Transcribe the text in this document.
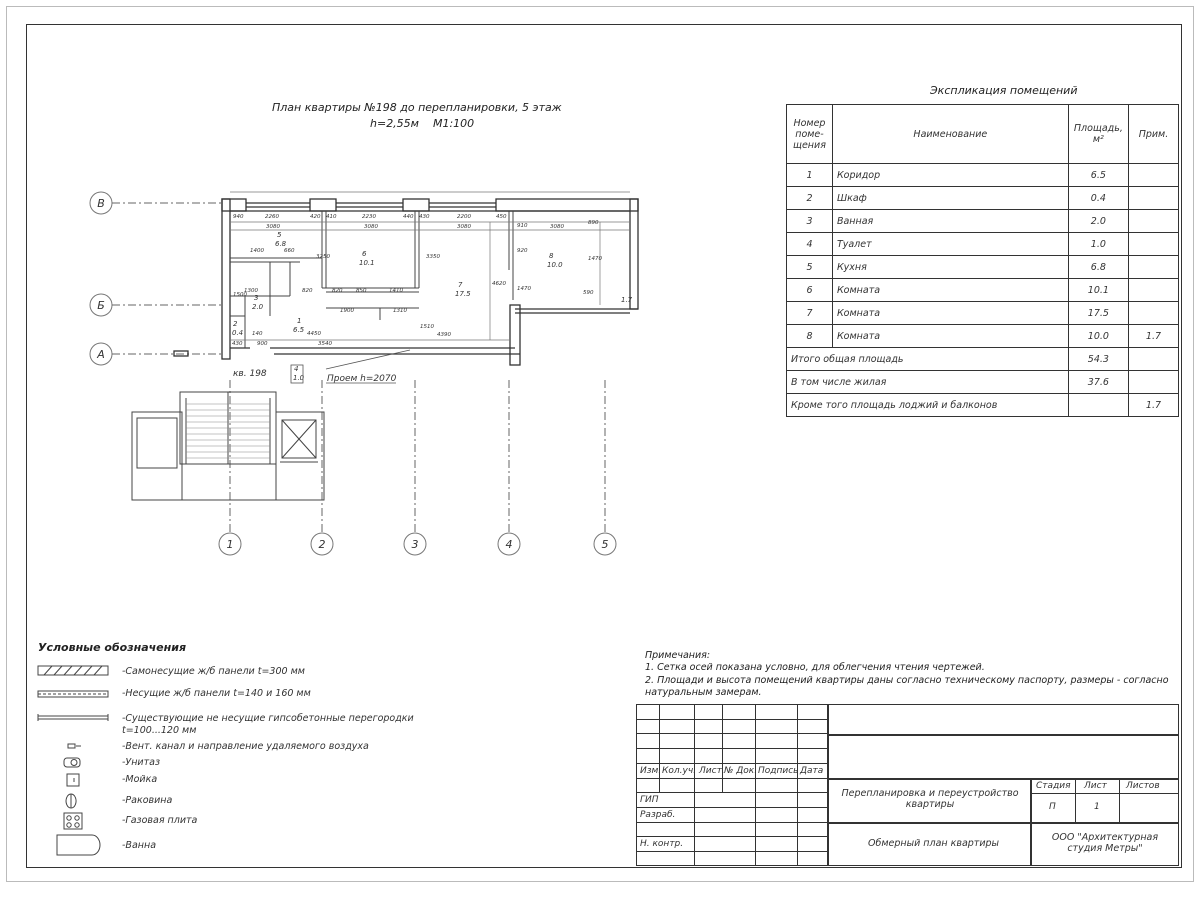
План квартиры №198 до перепланировки, 5 этаж
h=2,55м    М1:100
В
Б
А
1	2	3	4	5
2260	420 410	2230	440 430	2200	450
3080	3080	3080	3080
1400	660
3250	3350
1300	820	820 850	1410
1900	1310
4450
3540
4390
1510
900
430
140
1500
4620
1470
920
910	890
1470
590
940
1
6.5
2
0.4
3
2.0
4
1.0
5
6.8
6
10.1
7
17.5
8
10.0
кв. 198	Проем h=2070
1.7
Экспликация помещений
Номер поме- щения	Наименование	Площадь, м²	Прим.
1	Коридор	6.5	
2	Шкаф	0.4	
3	Ванная	2.0	
4	Туалет	1.0	
5	Кухня	6.8	
6	Комната	10.1	
7	Комната	17.5	
8	Комната	10.0	1.7
Итого общая площадь		54.3	
В том числе жилая		37.6	
Кроме того площадь лоджий и балконов			1.7
Условные обозначения
-Самонесущие ж/б панели t=300 мм
-Несущие ж/б панели t=140 и 160 мм
-Существующие не несущие гипсобетонные перегородки
t=100...120 мм
-Вент. канал и направление удаляемого воздуха
-Унитаз
-Мойка
-Раковина
-Газовая плита
-Ванна
Примечания:
1. Сетка осей показана условно, для облегчения чтения чертежей.
2. Площади и высота помещений квартиры даны согласно техническому паспорту, размеры - согласно
натуральным замерам.
Изм. Кол.уч. Лист № Док. Подпись Дата
ГИП
Разраб.
Н. контр.
Перепланировка и переустройство квартиры
Стадия Лист Листов
П	1
Обмерный план квартиры
ООО "Архитектурная студия Метры"
